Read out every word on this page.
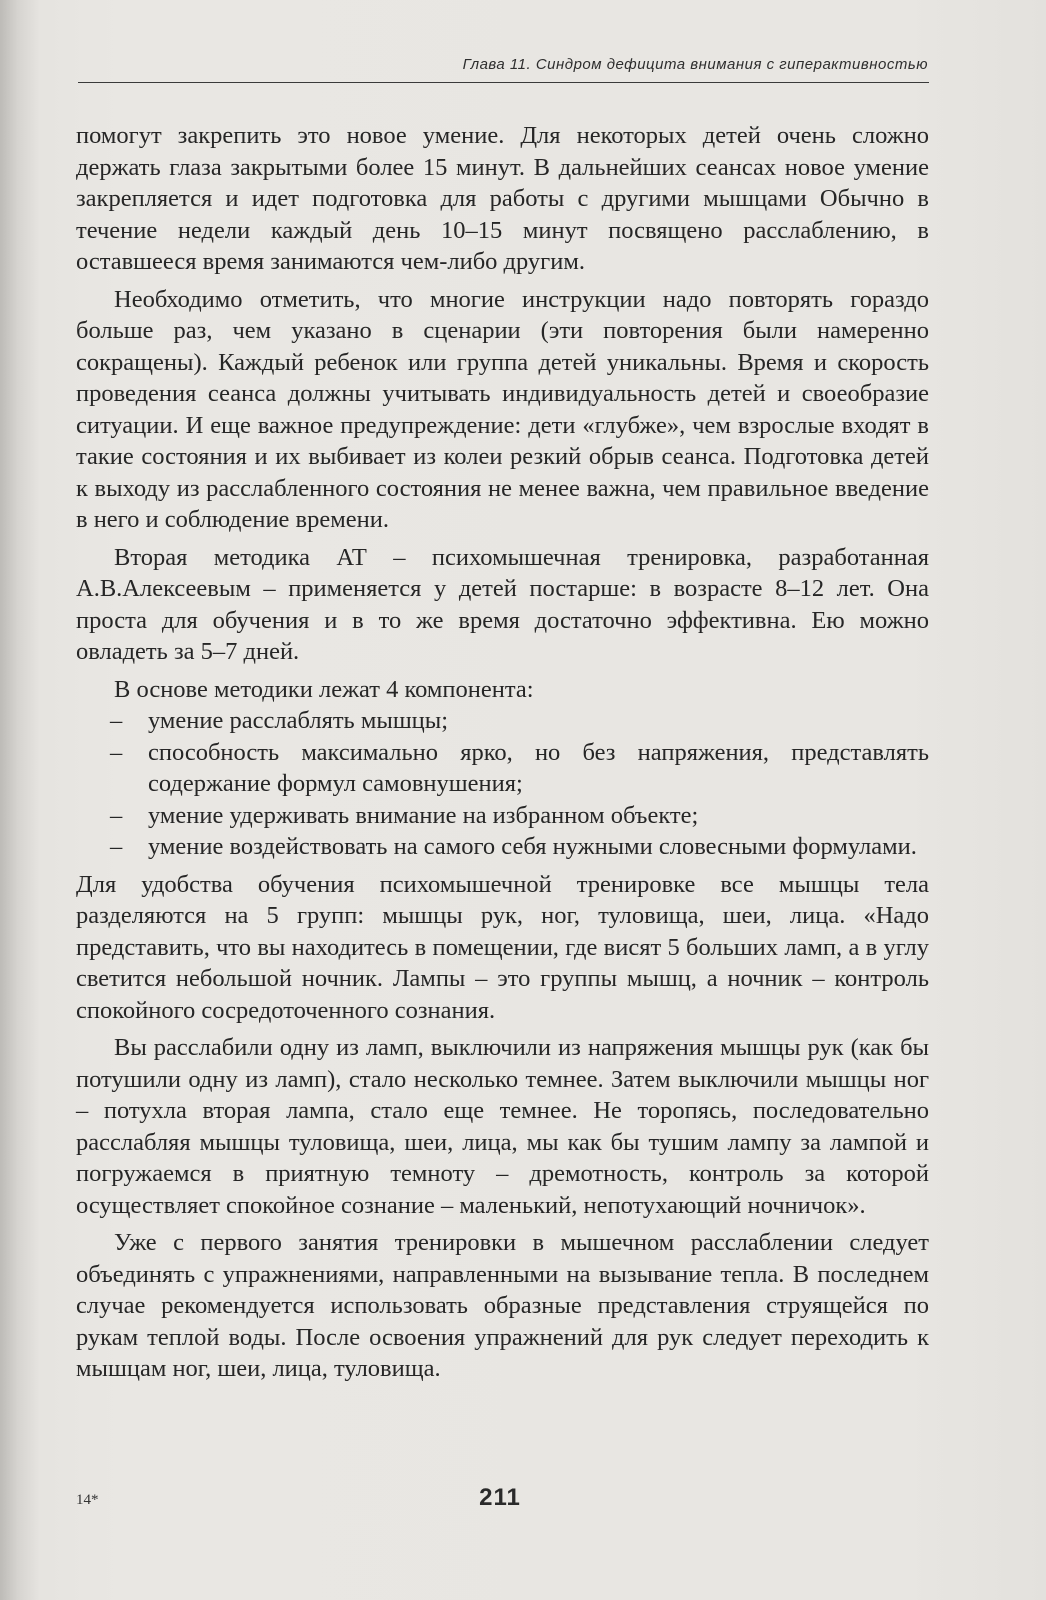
Глава 11. Синдром дефицита внимания с гиперактивностью

помогут закрепить это новое умение. Для некоторых детей очень сложно держать глаза закрытыми более 15 минут. В дальнейших сеансах новое умение закрепляется и идет подготовка для работы с другими мышцами Обычно в течение недели каждый день 10–15 минут посвящено расслаблению, в оставшееся время занимаются чем-либо другим.

Необходимо отметить, что многие инструкции надо повторять гораздо больше раз, чем указано в сценарии (эти повторения были намеренно сокращены). Каждый ребенок или группа детей уникальны. Время и скорость проведения сеанса должны учитывать индивидуальность детей и своеобразие ситуации. И еще важное предупреждение: дети «глубже», чем взрослые входят в такие состояния и их выбивает из колеи резкий обрыв сеанса. Подготовка детей к выходу из расслабленного состояния не менее важна, чем правильное введение в него и соблюдение времени.

Вторая методика АТ – психомышечная тренировка, разработанная А.В.Алексеевым – применяется у детей постарше: в возрасте 8–12 лет. Она проста для обучения и в то же время достаточно эффективна. Ею можно овладеть за 5–7 дней.

В основе методики лежат 4 компонента:

– умение расслаблять мышцы;
– способность максимально ярко, но без напряжения, представлять содержание формул самовнушения;
– умение удерживать внимание на избранном объекте;
– умение воздействовать на самого себя нужными словесными формулами.

Для удобства обучения психомышечной тренировке все мышцы тела разделяются на 5 групп: мышцы рук, ног, туловища, шеи, лица. «Надо представить, что вы находитесь в помещении, где висят 5 больших ламп, а в углу светится небольшой ночник. Лампы – это группы мышц, а ночник – контроль спокойного сосредоточенного сознания.

Вы расслабили одну из ламп, выключили из напряжения мышцы рук (как бы потушили одну из ламп), стало несколько темнее. Затем выключили мышцы ног – потухла вторая лампа, стало еще темнее. Не торопясь, последовательно расслабляя мышцы туловища, шеи, лица, мы как бы тушим лампу за лампой и погружаемся в приятную темноту – дремотность, контроль за которой осуществляет спокойное сознание – маленький, непотухающий ночничок».

Уже с первого занятия тренировки в мышечном расслаблении следует объединять с упражнениями, направленными на вызывание тепла. В последнем случае рекомендуется использовать образные представления струящейся по рукам теплой воды. После освоения упражнений для рук следует переходить к мышцам ног, шеи, лица, туловища.

14*	211
